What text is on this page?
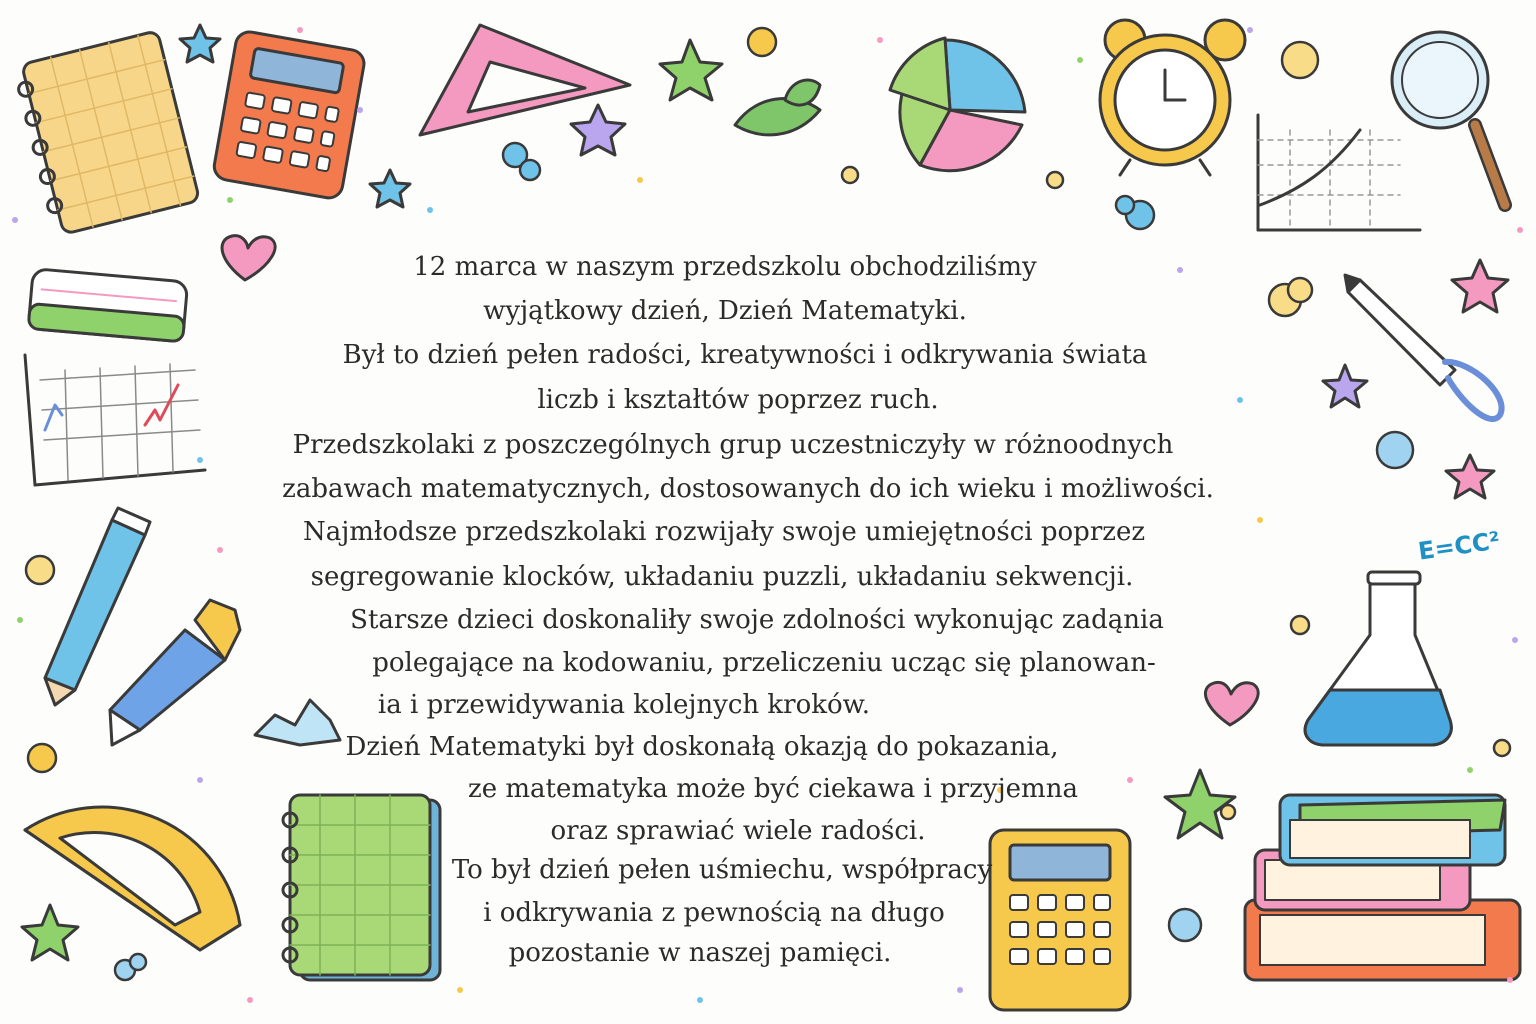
E=CC²
12 marca w naszym przedszkolu obchodziliśmy
wyjątkowy dzień, Dzień Matematyki.
Był to dzień pełen radości, kreatywności i odkrywania świata
liczb i kształtów poprzez ruch.
Przedszkolaki z poszczególnych grup uczestniczyły w różnoodnych
zabawach matematycznych, dostosowanych do ich wieku i możliwości.
Najmłodsze przedszkolaki rozwijały swoje umiejętności poprzez
segregowanie klocków, układaniu puzzli, układaniu sekwencji.
Starsze dzieci doskonaliły swoje zdolności wykonując zadąnia
polegające na kodowaniu, przeliczeniu ucząc się planowan-
ia i przewidywania kolejnych kroków.
Dzień Matematyki był doskonałą okazją do pokazania,
ze matematyka może być ciekawa i przyjemna
oraz sprawiać wiele radości.
To był dzień pełen uśmiechu, współpracy
i odkrywania z pewnością na długo
pozostanie w naszej pamięci.
